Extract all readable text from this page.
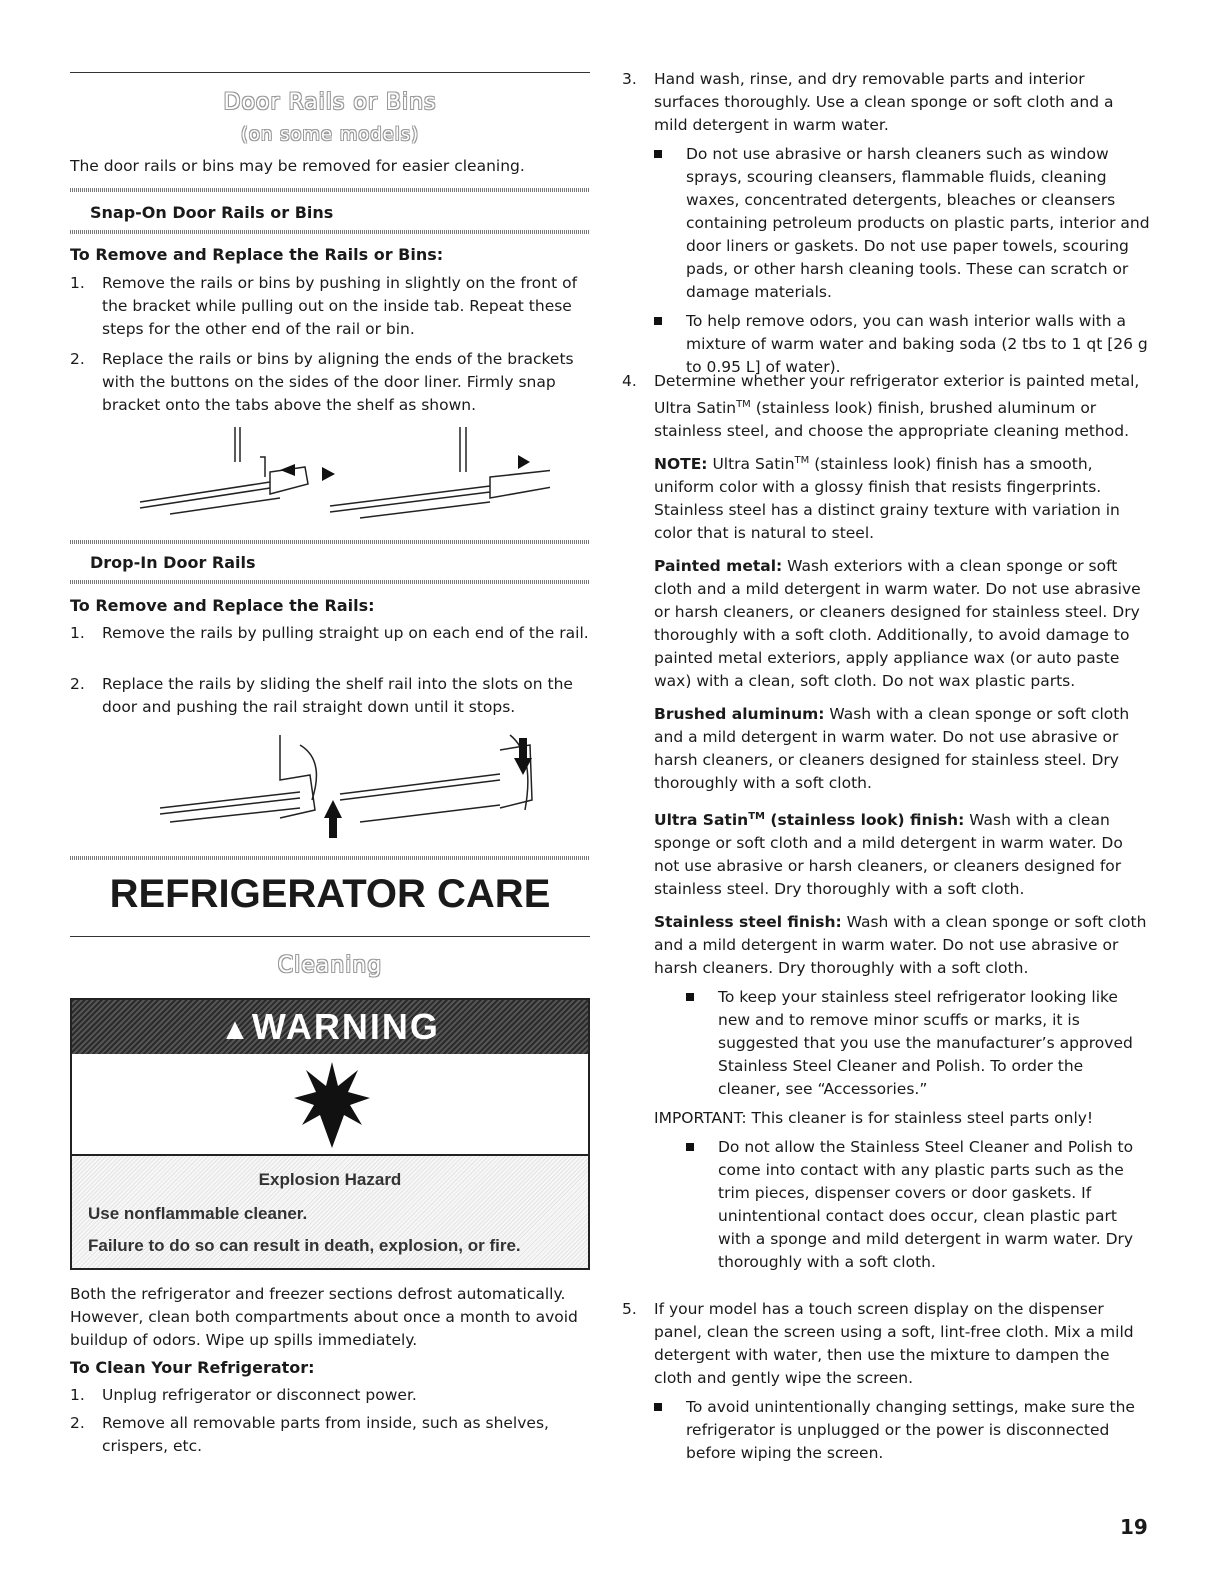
Door Rails or Bins
(on some models)
The door rails or bins may be removed for easier cleaning.
Snap-On Door Rails or Bins
To Remove and Replace the Rails or Bins:
1. Remove the rails or bins by pushing in slightly on the front of the bracket while pulling out on the inside tab. Repeat these steps for the other end of the rail or bin.
2. Replace the rails or bins by aligning the ends of the brackets with the buttons on the sides of the door liner. Firmly snap bracket onto the tabs above the shelf as shown.
Drop-In Door Rails
To Remove and Replace the Rails:
1. Remove the rails by pulling straight up on each end of the rail.
2. Replace the rails by sliding the shelf rail into the slots on the door and pushing the rail straight down until it stops.
REFRIGERATOR CARE
Cleaning
▲WARNING
Explosion Hazard
Use nonflammable cleaner.
Failure to do so can result in death, explosion, or fire.
Both the refrigerator and freezer sections defrost automatically. However, clean both compartments about once a month to avoid buildup of odors. Wipe up spills immediately.
To Clean Your Refrigerator:
1. Unplug refrigerator or disconnect power.
2. Remove all removable parts from inside, such as shelves, crispers, etc.
3. Hand wash, rinse, and dry removable parts and interior surfaces thoroughly. Use a clean sponge or soft cloth and a mild detergent in warm water.
Do not use abrasive or harsh cleaners such as window sprays, scouring cleansers, flammable fluids, cleaning waxes, concentrated detergents, bleaches or cleansers containing petroleum products on plastic parts, interior and door liners or gaskets. Do not use paper towels, scouring pads, or other harsh cleaning tools. These can scratch or damage materials.
To help remove odors, you can wash interior walls with a mixture of warm water and baking soda (2 tbs to 1 qt [26 g to 0.95 L] of water).
4. Determine whether your refrigerator exterior is painted metal, Ultra Satin™ (stainless look) finish, brushed aluminum or stainless steel, and choose the appropriate cleaning method.
NOTE: Ultra Satin™ (stainless look) finish has a smooth, uniform color with a glossy finish that resists fingerprints. Stainless steel has a distinct grainy texture with variation in color that is natural to steel.
Painted metal: Wash exteriors with a clean sponge or soft cloth and a mild detergent in warm water. Do not use abrasive or harsh cleaners, or cleaners designed for stainless steel. Dry thoroughly with a soft cloth. Additionally, to avoid damage to painted metal exteriors, apply appliance wax (or auto paste wax) with a clean, soft cloth. Do not wax plastic parts.
Brushed aluminum: Wash with a clean sponge or soft cloth and a mild detergent in warm water. Do not use abrasive or harsh cleaners, or cleaners designed for stainless steel. Dry thoroughly with a soft cloth.
Ultra Satin™ (stainless look) finish: Wash with a clean sponge or soft cloth and a mild detergent in warm water. Do not use abrasive or harsh cleaners, or cleaners designed for stainless steel. Dry thoroughly with a soft cloth.
Stainless steel finish: Wash with a clean sponge or soft cloth and a mild detergent in warm water. Do not use abrasive or harsh cleaners. Dry thoroughly with a soft cloth.
To keep your stainless steel refrigerator looking like new and to remove minor scuffs or marks, it is suggested that you use the manufacturer’s approved Stainless Steel Cleaner and Polish. To order the cleaner, see “Accessories.”
IMPORTANT: This cleaner is for stainless steel parts only!
Do not allow the Stainless Steel Cleaner and Polish to come into contact with any plastic parts such as the trim pieces, dispenser covers or door gaskets. If unintentional contact does occur, clean plastic part with a sponge and mild detergent in warm water. Dry thoroughly with a soft cloth.
5. If your model has a touch screen display on the dispenser panel, clean the screen using a soft, lint-free cloth. Mix a mild detergent with water, then use the mixture to dampen the cloth and gently wipe the screen.
To avoid unintentionally changing settings, make sure the refrigerator is unplugged or the power is disconnected before wiping the screen.
19
